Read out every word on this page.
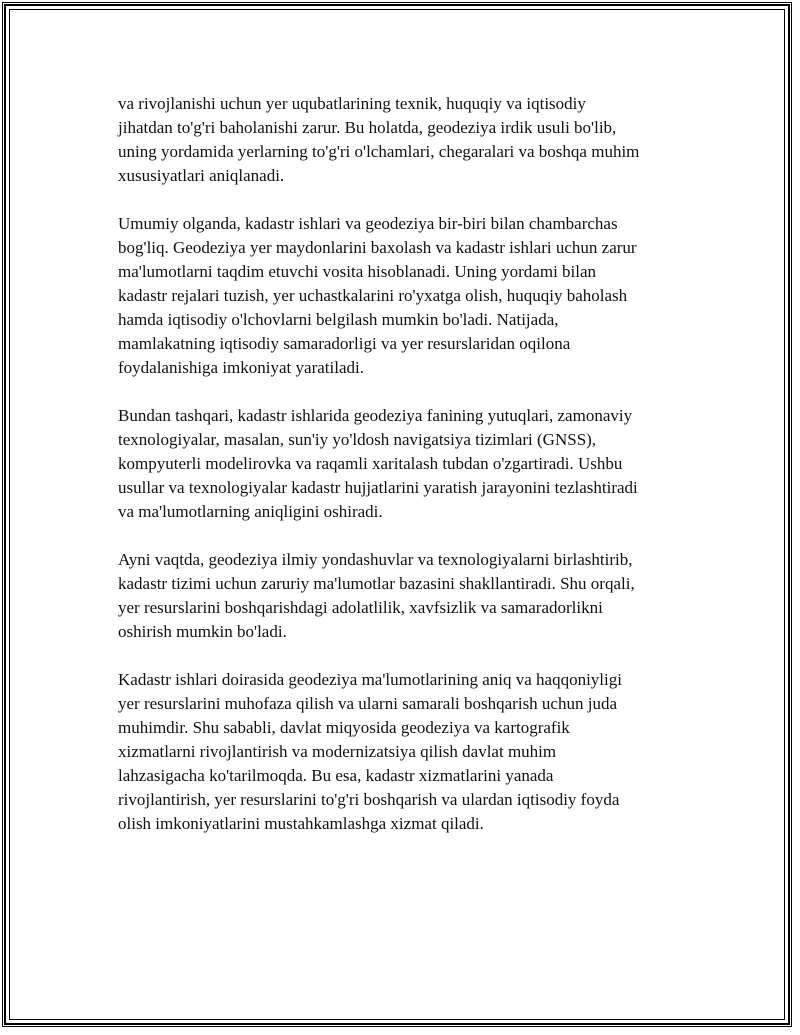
va rivojlanishi uchun yer uqubatlarining texnik, huquqiy va iqtisodiy
jihatdan to'g'ri baholanishi zarur. Bu holatda, geodeziya irdik usuli bo'lib,
uning yordamida yerlarning to'g'ri o'lchamlari, chegaralari va boshqa muhim
xususiyatlari aniqlanadi.

Umumiy olganda, kadastr ishlari va geodeziya bir-biri bilan chambarchas
bog'liq. Geodeziya yer maydonlarini baxolash va kadastr ishlari uchun zarur
ma'lumotlarni taqdim etuvchi vosita hisoblanadi. Uning yordami bilan
kadastr rejalari tuzish, yer uchastkalarini ro'yxatga olish, huquqiy baholash
hamda iqtisodiy o'lchovlarni belgilash mumkin bo'ladi. Natijada,
mamlakatning iqtisodiy samaradorligi va yer resurslaridan oqilona
foydalanishiga imkoniyat yaratiladi.

Bundan tashqari, kadastr ishlarida geodeziya fanining yutuqlari, zamonaviy
texnologiyalar, masalan, sun'iy yo'ldosh navigatsiya tizimlari (GNSS),
kompyuterli modelirovka va raqamli xaritalash tubdan o'zgartiradi. Ushbu
usullar va texnologiyalar kadastr hujjatlarini yaratish jarayonini tezlashtiradi
va ma'lumotlarning aniqligini oshiradi.

Ayni vaqtda, geodeziya ilmiy yondashuvlar va texnologiyalarni birlashtirib,
kadastr tizimi uchun zaruriy ma'lumotlar bazasini shakllantiradi. Shu orqali,
yer resurslarini boshqarishdagi adolatlilik, xavfsizlik va samaradorlikni
oshirish mumkin bo'ladi.

Kadastr ishlari doirasida geodeziya ma'lumotlarining aniq va haqqoniyligi
yer resurslarini muhofaza qilish va ularni samarali boshqarish uchun juda
muhimdir. Shu sababli, davlat miqyosida geodeziya va kartografik
xizmatlarni rivojlantirish va modernizatsiya qilish davlat muhim
lahzasigacha ko'tarilmoqda. Bu esa, kadastr xizmatlarini yanada
rivojlantirish, yer resurslarini to'g'ri boshqarish va ulardan iqtisodiy foyda
olish imkoniyatlarini mustahkamlashga xizmat qiladi.
